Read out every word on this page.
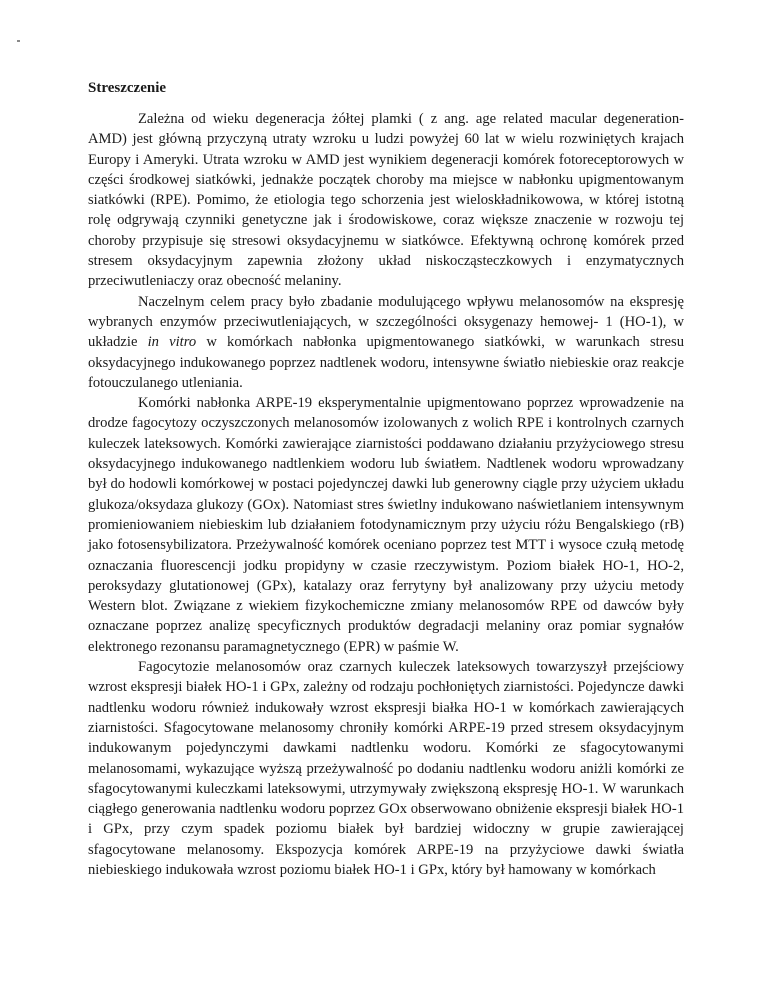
Streszczenie

Zależna od wieku degeneracja żółtej plamki ( z ang. age related macular degeneration- AMD) jest główną przyczyną utraty wzroku u ludzi powyżej 60 lat w wielu rozwiniętych krajach Europy i Ameryki. Utrata wzroku w AMD jest wynikiem degeneracji komórek fotoreceptorowych w części środkowej siatkówki, jednakże początek choroby ma miejsce w nabłonku upigmentowanym siatkówki (RPE). Pomimo, że etiologia tego schorzenia jest wieloskładnikowowa, w której istotną rolę odgrywają czynniki genetyczne jak i środowiskowe, coraz większe znaczenie w rozwoju tej choroby przypisuje się stresowi oksydacyjnemu w siatkówce. Efektywną ochronę komórek przed stresem oksydacyjnym zapewnia złożony układ niskocząsteczkowych i enzymatycznych przeciwutleniaczy oraz obecność melaniny.

Naczelnym celem pracy było zbadanie modulującego wpływu melanosomów na ekspresję wybranych enzymów przeciwutleniających, w szczególności oksygenazy hemowej- 1 (HO-1), w układzie in vitro w komórkach nabłonka upigmentowanego siatkówki, w warunkach stresu oksydacyjnego indukowanego poprzez nadtlenek wodoru, intensywne światło niebieskie oraz reakcje fotouczulanego utleniania.

Komórki nabłonka ARPE-19 eksperymentalnie upigmentowano poprzez wprowadzenie na drodze fagocytozy oczyszczonych melanosomów izolowanych z wolich RPE i kontrolnych czarnych kuleczek lateksowych. Komórki zawierające ziarnistości poddawano działaniu przyżyciowego stresu oksydacyjnego indukowanego nadtlenkiem wodoru lub światłem. Nadtlenek wodoru wprowadzany był do hodowli komórkowej w postaci pojedynczej dawki lub generowny ciągle przy użyciem układu glukoza/oksydaza glukozy (GOx). Natomiast stres świetlny indukowano naświetlaniem intensywnym promieniowaniem niebieskim lub działaniem fotodynamicznym przy użyciu różu Bengalskiego (rB) jako fotosensybilizatora. Przeżywalność komórek oceniano poprzez test MTT i wysoce czułą metodę oznaczania fluorescencji jodku propidyny w czasie rzeczywistym. Poziom białek HO-1, HO-2, peroksydazy glutationowej (GPx), katalazy oraz ferrytyny był analizowany przy użyciu metody Western blot. Związane z wiekiem fizykochemiczne zmiany melanosomów RPE od dawców były oznaczane poprzez analizę specyficznych produktów degradacji melaniny oraz pomiar sygnałów elektronego rezonansu paramagnetycznego (EPR) w paśmie W.

Fagocytozie melanosomów oraz czarnych kuleczek lateksowych towarzyszył przejściowy wzrost ekspresji białek HO-1 i GPx, zależny od rodzaju pochłoniętych ziarnistości. Pojedyncze dawki nadtlenku wodoru również indukowały wzrost ekspresji białka HO-1 w komórkach zawierających ziarnistości. Sfagocytowane melanosomy chroniły komórki ARPE-19 przed stresem oksydacyjnym indukowanym pojedynczymi dawkami nadtlenku wodoru. Komórki ze sfagocytowanymi melanosomami, wykazujące wyższą przeżywalność po dodaniu nadtlenku wodoru aniżli komórki ze sfagocytowanymi kuleczkami lateksowymi, utrzymywały zwiększoną ekspresję HO-1. W warunkach ciągłego generowania nadtlenku wodoru poprzez GOx obserwowano obniżenie ekspresji białek HO-1 i GPx, przy czym spadek poziomu białek był bardziej widoczny w grupie zawierającej sfagocytowane melanosomy. Ekspozycja komórek ARPE-19 na przyżyciowe dawki światła niebieskiego indukowała wzrost poziomu białek HO-1 i GPx, który był hamowany w komórkach
